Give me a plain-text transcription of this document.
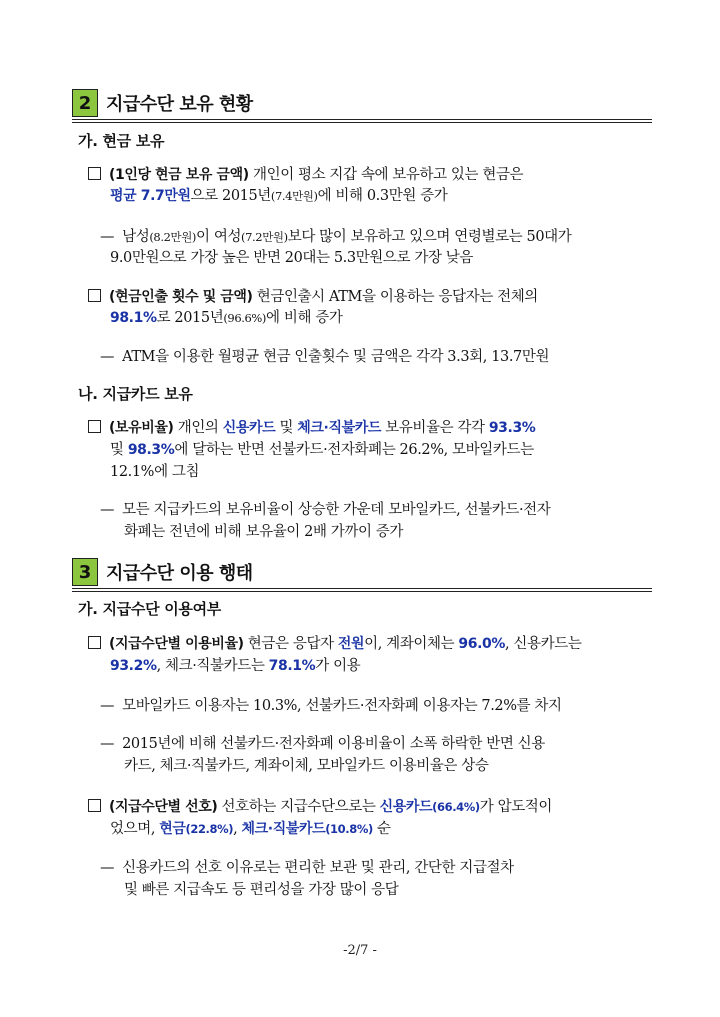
2 지급수단 보유 현황
가. 현금 보유
(1인당 현금 보유 금액) 개인이 평소 지갑 속에 보유하고 있는 현금은
평균 7.7만원으로 2015년(7.4만원)에 비해 0.3만원 증가
— 남성(8.2만원)이 여성(7.2만원)보다 많이 보유하고 있으며 연령별로는 50대가
9.0만원으로 가장 높은 반면 20대는 5.3만원으로 가장 낮음
(현금인출 횟수 및 금액) 현금인출시 ATM을 이용하는 응답자는 전체의
98.1%로 2015년(96.6%)에 비해 증가
— ATM을 이용한 월평균 현금 인출횟수 및 금액은 각각 3.3회, 13.7만원
나. 지급카드 보유
(보유비율) 개인의 신용카드 및 체크·직불카드 보유비율은 각각 93.3%
및 98.3%에 달하는 반면 선불카드·전자화폐는 26.2%, 모바일카드는
12.1%에 그침
— 모든 지급카드의 보유비율이 상승한 가운데 모바일카드, 선불카드·전자
화폐는 전년에 비해 보유율이 2배 가까이 증가
3 지급수단 이용 행태
가. 지급수단 이용여부
(지급수단별 이용비율) 현금은 응답자 전원이, 계좌이체는 96.0%, 신용카드는
93.2%, 체크·직불카드는 78.1%가 이용
— 모바일카드 이용자는 10.3%, 선불카드·전자화폐 이용자는 7.2%를 차지
— 2015년에 비해 선불카드·전자화폐 이용비율이 소폭 하락한 반면 신용
카드, 체크·직불카드, 계좌이체, 모바일카드 이용비율은 상승
(지급수단별 선호) 선호하는 지급수단으로는 신용카드(66.4%)가 압도적이
었으며, 현금(22.8%), 체크·직불카드(10.8%) 순
— 신용카드의 선호 이유로는 편리한 보관 및 관리, 간단한 지급절차
및 빠른 지급속도 등 편리성을 가장 많이 응답
-2/7 -
